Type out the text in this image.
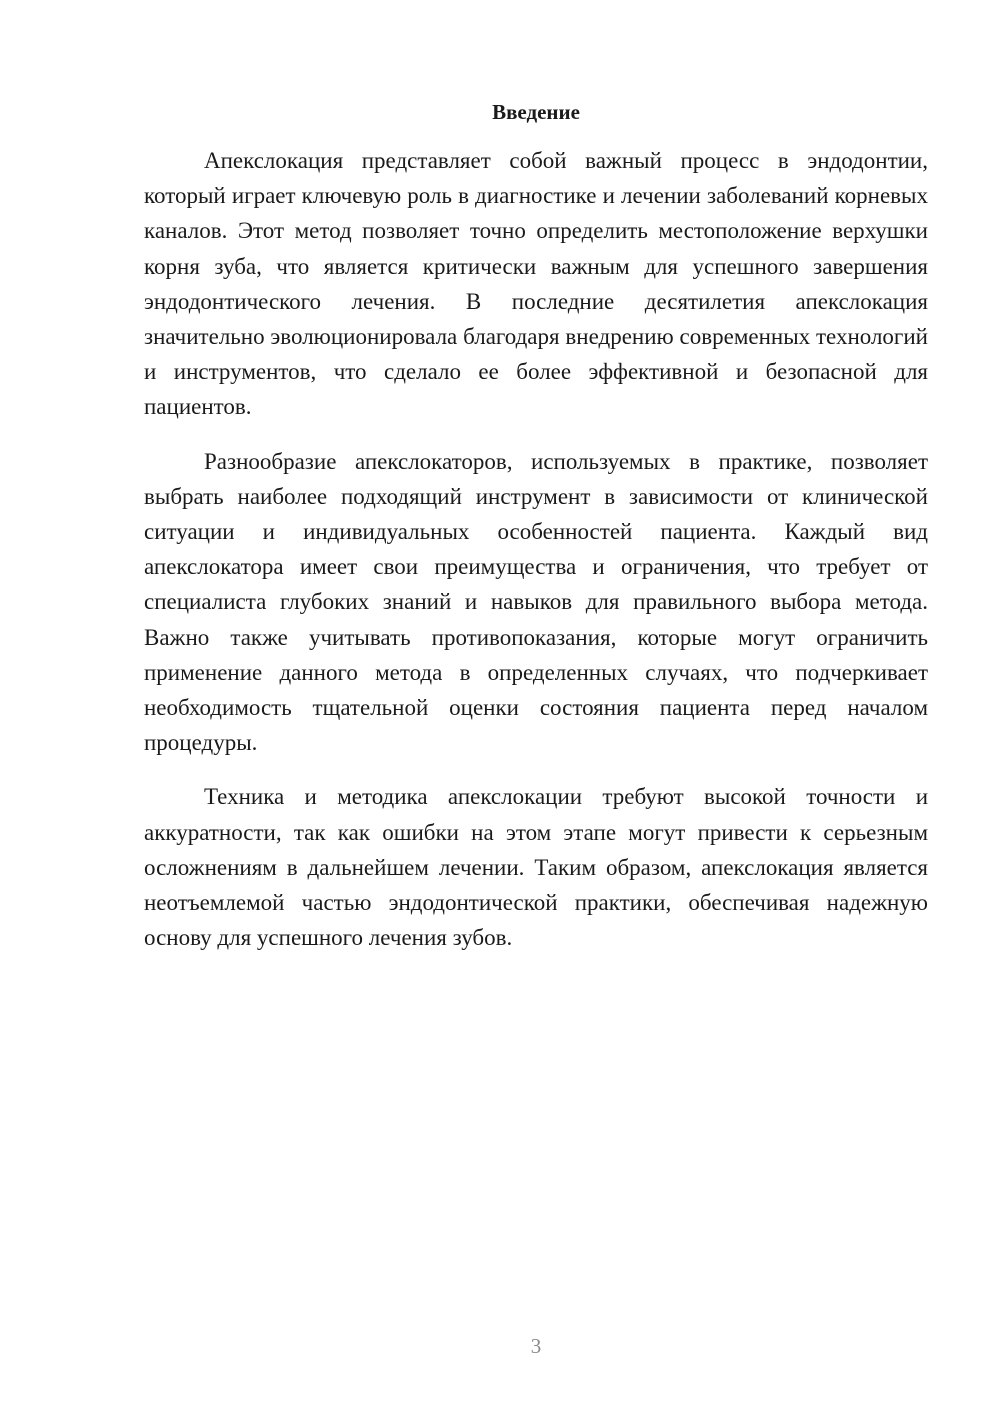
Введение

Апекслокация представляет собой важный процесс в эндодонтии, который играет ключевую роль в диагностике и лечении заболеваний корневых каналов. Этот метод позволяет точно определить местоположение верхушки корня зуба, что является критически важным для успешного завершения эндодонтического лечения. В последние десятилетия апекслокация значительно эволюционировала благодаря внедрению современных технологий и инструментов, что сделало ее более эффективной и безопасной для пациентов.

Разнообразие апекслокаторов, используемых в практике, позволяет выбрать наиболее подходящий инструмент в зависимости от клинической ситуации и индивидуальных особенностей пациента. Каждый вид апекслокатора имеет свои преимущества и ограничения, что требует от специалиста глубоких знаний и навыков для правильного выбора метода. Важно также учитывать противопоказания, которые могут ограничить применение данного метода в определенных случаях, что подчеркивает необходимость тщательной оценки состояния пациента перед началом процедуры.

Техника и методика апекслокации требуют высокой точности и аккуратности, так как ошибки на этом этапе могут привести к серьезным осложнениям в дальнейшем лечении. Таким образом, апекслокация является неотъемлемой частью эндодонтической практики, обеспечивая надежную основу для успешного лечения зубов.

3
